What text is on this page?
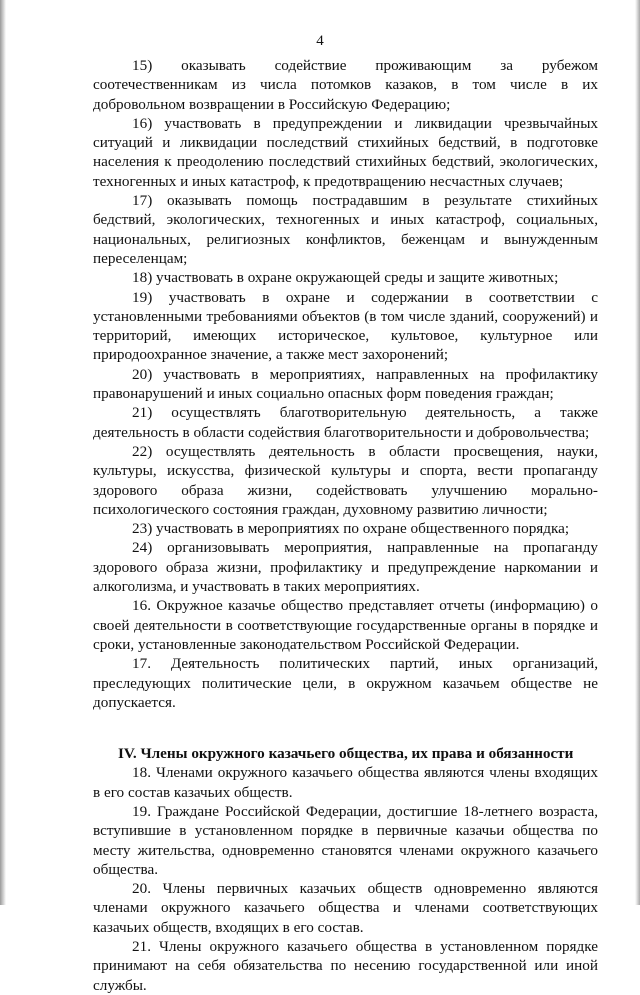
4

15) оказывать содействие проживающим за рубежом соотечественникам из числа потомков казаков, в том числе в их добровольном возвращении в Российскую Федерацию;

16) участвовать в предупреждении и ликвидации чрезвычайных ситуаций и ликвидации последствий стихийных бедствий, в подготовке населения к преодолению последствий стихийных бедствий, экологических, техногенных и иных катастроф, к предотвращению несчастных случаев;

17) оказывать помощь пострадавшим в результате стихийных бедствий, экологических, техногенных и иных катастроф, социальных, национальных, религиозных конфликтов, беженцам и вынужденным переселенцам;

18) участвовать в охране окружающей среды и защите животных;

19) участвовать в охране и содержании в соответствии с установленными требованиями объектов (в том числе зданий, сооружений) и территорий, имеющих историческое, культовое, культурное или природоохранное значение, а также мест захоронений;

20) участвовать в мероприятиях, направленных на профилактику правонарушений и иных социально опасных форм поведения граждан;

21) осуществлять благотворительную деятельность, а также деятельность в области содействия благотворительности и добровольчества;

22) осуществлять деятельность в области просвещения, науки, культуры, искусства, физической культуры и спорта, вести пропаганду здорового образа жизни, содействовать улучшению морально-психологического состояния граждан, духовному развитию личности;

23) участвовать в мероприятиях по охране общественного порядка;

24) организовывать мероприятия, направленные на пропаганду здорового образа жизни, профилактику и предупреждение наркомании и алкоголизма, и участвовать в таких мероприятиях.

16. Окружное казачье общество представляет отчеты (информацию) о своей деятельности в соответствующие государственные органы в порядке и сроки, установленные законодательством Российской Федерации.

17. Деятельность политических партий, иных организаций, преследующих политические цели, в окружном казачьем обществе не допускается.

IV. Члены окружного казачьего общества, их права и обязанности

18. Членами окружного казачьего общества являются члены входящих в его состав казачьих обществ.

19. Граждане Российской Федерации, достигшие 18-летнего возраста, вступившие в установленном порядке в первичные казачьи общества по месту жительства, одновременно становятся членами окружного казачьего общества.

20. Члены первичных казачьих обществ одновременно являются членами окружного казачьего общества и членами соответствующих казачьих обществ, входящих в его состав.

21. Члены окружного казачьего общества в установленном порядке принимают на себя обязательства по несению государственной или иной службы.
